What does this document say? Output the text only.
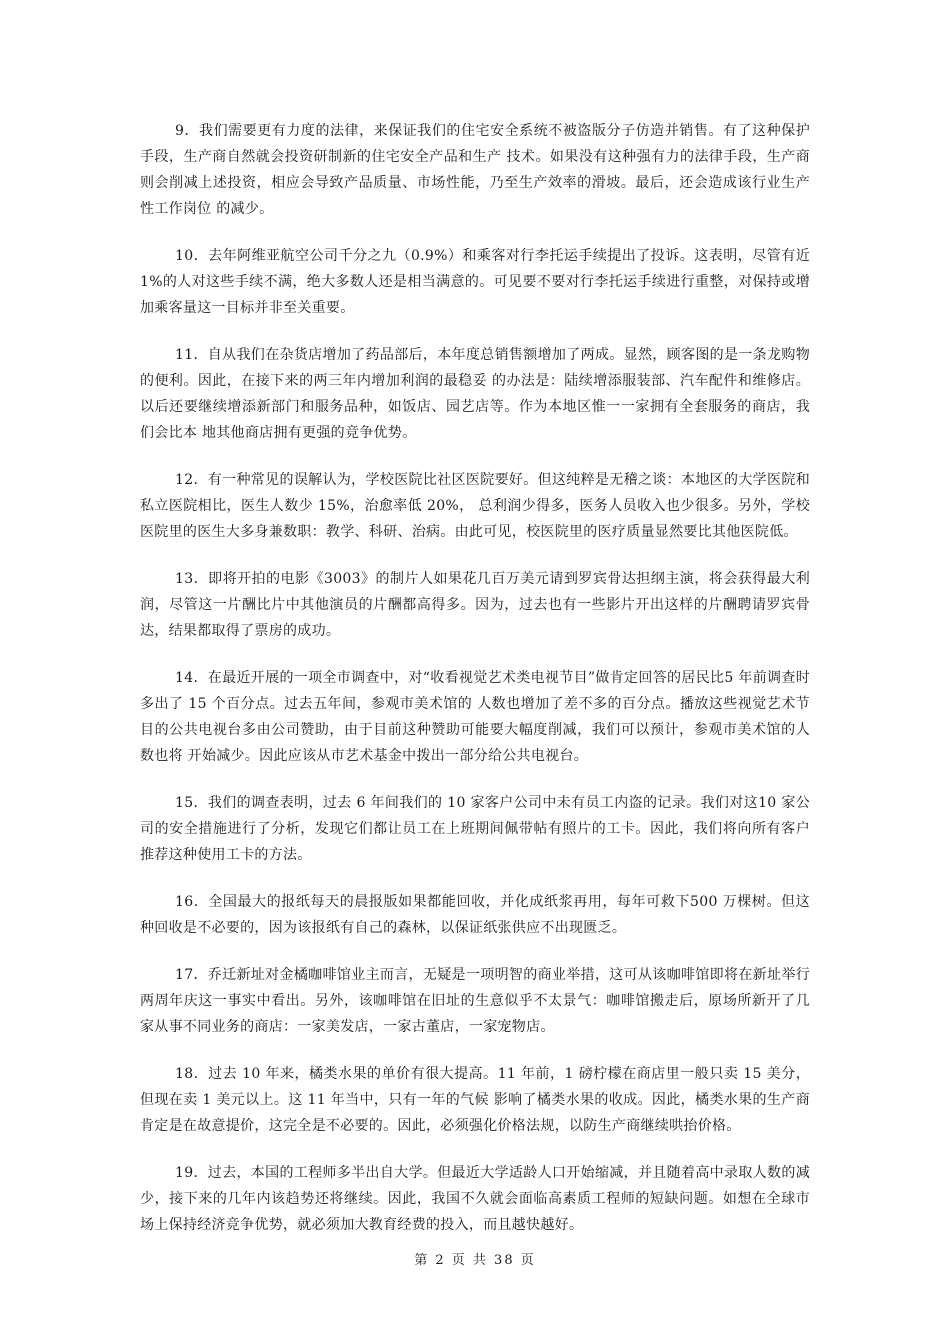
9．我们需要更有力度的法律，来保证我们的住宅安全系统不被盗版分子仿造并销售。有了这种保护手段，生产商自然就会投资研制新的住宅安全产品和生产 技术。如果没有这种强有力的法律手段，生产商则会削减上述投资，相应会导致产品质量、市场性能，乃至生产效率的滑坡。最后，还会造成该行业生产性工作岗位 的减少。

10．去年阿维亚航空公司千分之九（0.9%）和乘客对行李托运手续提出了投诉。这表明，尽管有近 1%的人对这些手续不满，绝大多数人还是相当满意的。可见要不要对行李托运手续进行重整，对保持或增加乘客量这一目标并非至关重要。

11．自从我们在杂货店增加了药品部后，本年度总销售额增加了两成。显然，顾客图的是一条龙购物的便利。因此，在接下来的两三年内增加利润的最稳妥 的办法是：陆续增添服装部、汽车配件和维修店。以后还要继续增添新部门和服务品种，如饭店、园艺店等。作为本地区惟一一家拥有全套服务的商店，我们会比本 地其他商店拥有更强的竞争优势。

12．有一种常见的误解认为，学校医院比社区医院要好。但这纯粹是无稽之谈：本地区的大学医院和私立医院相比，医生人数少 15%，治愈率低 20%， 总利润少得多，医务人员收入也少很多。另外，学校医院里的医生大多身兼数职：教学、科研、治病。由此可见，校医院里的医疗质量显然要比其他医院低。

13．即将开拍的电影《3003》的制片人如果花几百万美元请到罗宾骨达担纲主演，将会获得最大利润，尽管这一片酬比片中其他演员的片酬都高得多。因为，过去也有一些影片开出这样的片酬聘请罗宾骨达，结果都取得了票房的成功。

14．在最近开展的一项全市调查中，对“收看视觉艺术类电视节目”做肯定回答的居民比5 年前调查时多出了 15 个百分点。过去五年间，参观市美术馆的 人数也增加了差不多的百分点。播放这些视觉艺术节目的公共电视台多由公司赞助，由于目前这种赞助可能要大幅度削减，我们可以预计，参观市美术馆的人数也将 开始减少。因此应该从市艺术基金中拨出一部分给公共电视台。

15．我们的调查表明，过去 6 年间我们的 10 家客户公司中未有员工内盗的记录。我们对这10 家公司的安全措施进行了分析，发现它们都让员工在上班期间佩带帖有照片的工卡。因此，我们将向所有客户推荐这种使用工卡的方法。

16．全国最大的报纸每天的晨报版如果都能回收，并化成纸浆再用，每年可救下500 万棵树。但这种回收是不必要的，因为该报纸有自己的森林，以保证纸张供应不出现匮乏。

17．乔迁新址对金橘咖啡馆业主而言，无疑是一项明智的商业举措，这可从该咖啡馆即将在新址举行两周年庆这一事实中看出。另外，该咖啡馆在旧址的生意似乎不太景气：咖啡馆搬走后，原场所新开了几家从事不同业务的商店：一家美发店，一家古董店，一家宠物店。

18．过去 10 年来，橘类水果的单价有很大提高。11 年前，1 磅柠檬在商店里一般只卖 15 美分，但现在卖 1 美元以上。这 11 年当中，只有一年的气候 影响了橘类水果的收成。因此，橘类水果的生产商肯定是在故意提价，这完全是不必要的。因此，必须强化价格法规，以防生产商继续哄抬价格。

19．过去，本国的工程师多半出自大学。但最近大学适龄人口开始缩减，并且随着高中录取人数的减少，接下来的几年内该趋势还将继续。因此，我国不久就会面临高素质工程师的短缺问题。如想在全球市场上保持经济竞争优势，就必须加大教育经费的投入，而且越快越好。

第 2 页 共 38 页
